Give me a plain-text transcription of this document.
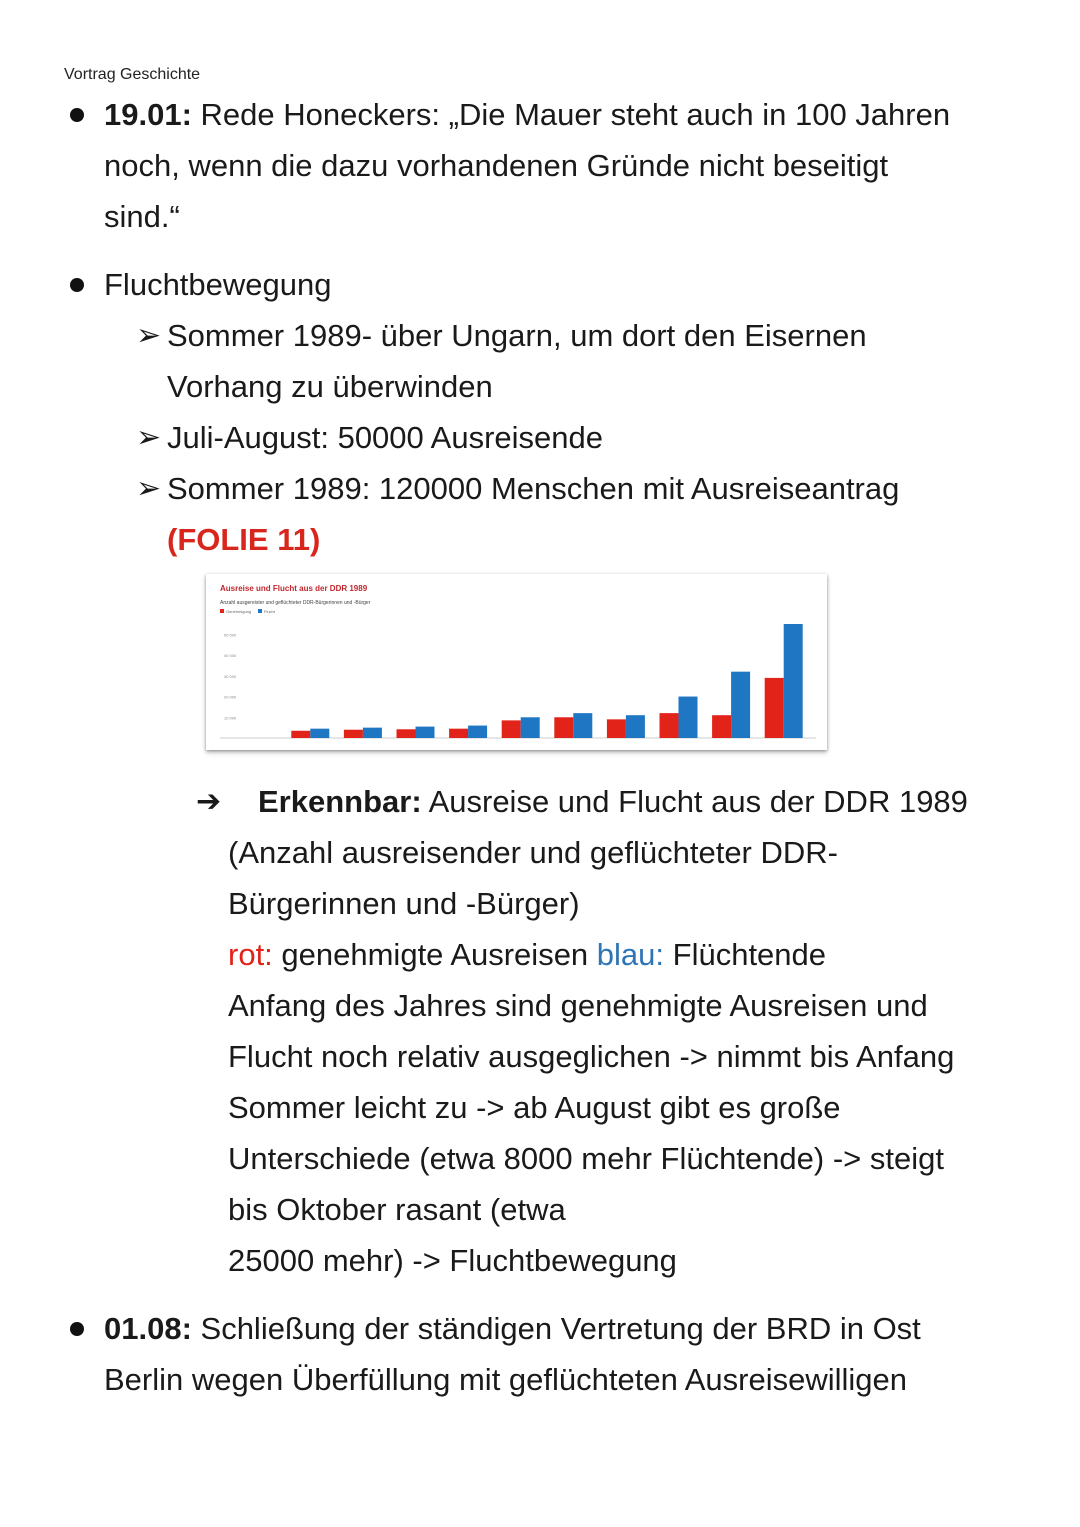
Vortrag Geschichte
19.01: Rede Honeckers: „Die Mauer steht auch in 100 Jahren
noch, wenn die dazu vorhandenen Gründe nicht beseitigt
sind.“
Fluchtbewegung
➢ Sommer 1989- über Ungarn, um dort den Eisernen
Vorhang zu überwinden
➢ Juli-August: 50000 Ausreisende
➢ Sommer 1989: 120000 Menschen mit Ausreiseantrag
(FOLIE 11)
Ausreise und Flucht aus der DDR 1989
Anzahl ausgereister und geflüchteter DDR-Bürgerinnen und -Bürger
Genehmigung	Flucht
50 000
40 000
30 000
20 000
10 000
➔ Erkennbar: Ausreise und Flucht aus der DDR 1989
(Anzahl ausreisender und geflüchteter DDR-
Bürgerinnen und -Bürger)
rot: genehmigte Ausreisen blau: Flüchtende
Anfang des Jahres sind genehmigte Ausreisen und
Flucht noch relativ ausgeglichen -> nimmt bis Anfang
Sommer leicht zu -> ab August gibt es große
Unterschiede (etwa 8000 mehr Flüchtende) -> steigt
bis Oktober rasant (etwa
25000 mehr) -> Fluchtbewegung
01.08: Schließung der ständigen Vertretung der BRD in Ost
Berlin wegen Überfüllung mit geflüchteten Ausreisewilligen
